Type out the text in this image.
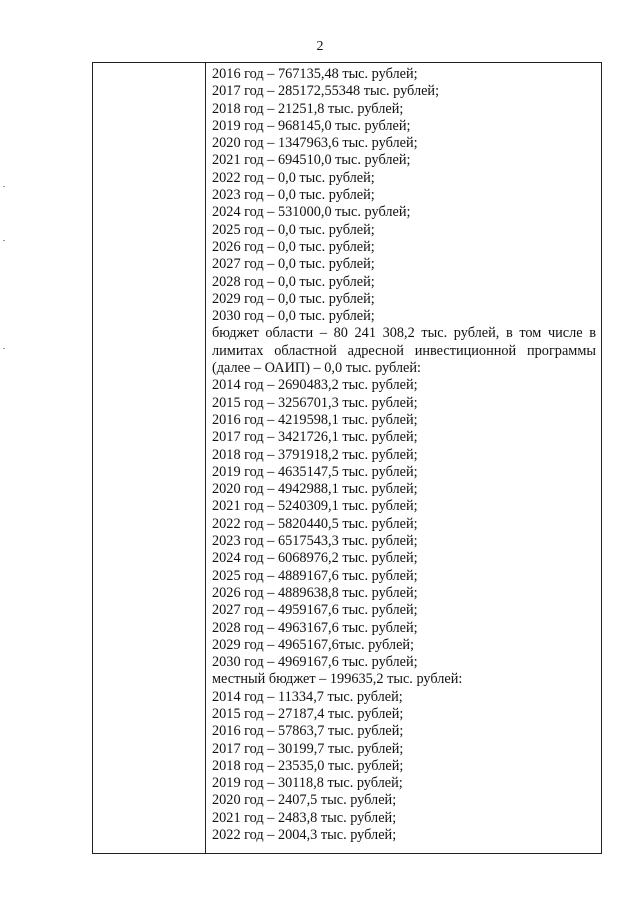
2
2016 год – 767135,48 тыс. рублей;
2017 год – 285172,55348 тыс. рублей;
2018 год – 21251,8 тыс. рублей;
2019 год – 968145,0 тыс. рублей;
2020 год – 1347963,6 тыс. рублей;
2021 год – 694510,0 тыс. рублей;
2022 год – 0,0 тыс. рублей;
2023 год – 0,0 тыс. рублей;
2024 год – 531000,0 тыс. рублей;
2025 год – 0,0 тыс. рублей;
2026 год – 0,0 тыс. рублей;
2027 год – 0,0 тыс. рублей;
2028 год – 0,0 тыс. рублей;
2029 год – 0,0 тыс. рублей;
2030 год – 0,0 тыс. рублей;
бюджет области – 80 241 308,2 тыс. рублей, в том числе в
лимитах областной адресной инвестиционной программы
(далее – ОАИП) – 0,0 тыс. рублей:
2014 год – 2690483,2 тыс. рублей;
2015 год – 3256701,3 тыс. рублей;
2016 год – 4219598,1 тыс. рублей;
2017 год – 3421726,1 тыс. рублей;
2018 год – 3791918,2 тыс. рублей;
2019 год – 4635147,5 тыс. рублей;
2020 год – 4942988,1 тыс. рублей;
2021 год – 5240309,1 тыс. рублей;
2022 год – 5820440,5 тыс. рублей;
2023 год – 6517543,3 тыс. рублей;
2024 год – 6068976,2 тыс. рублей;
2025 год – 4889167,6 тыс. рублей;
2026 год – 4889638,8 тыс. рублей;
2027 год – 4959167,6 тыс. рублей;
2028 год – 4963167,6 тыс. рублей;
2029 год – 4965167,6тыс. рублей;
2030 год – 4969167,6 тыс. рублей;
местный бюджет – 199635,2 тыс. рублей:
2014 год – 11334,7 тыс. рублей;
2015 год – 27187,4 тыс. рублей;
2016 год – 57863,7 тыс. рублей;
2017 год – 30199,7 тыс. рублей;
2018 год – 23535,0 тыс. рублей;
2019 год – 30118,8 тыс. рублей;
2020 год – 2407,5 тыс. рублей;
2021 год – 2483,8 тыс. рублей;
2022 год – 2004,3 тыс. рублей;
